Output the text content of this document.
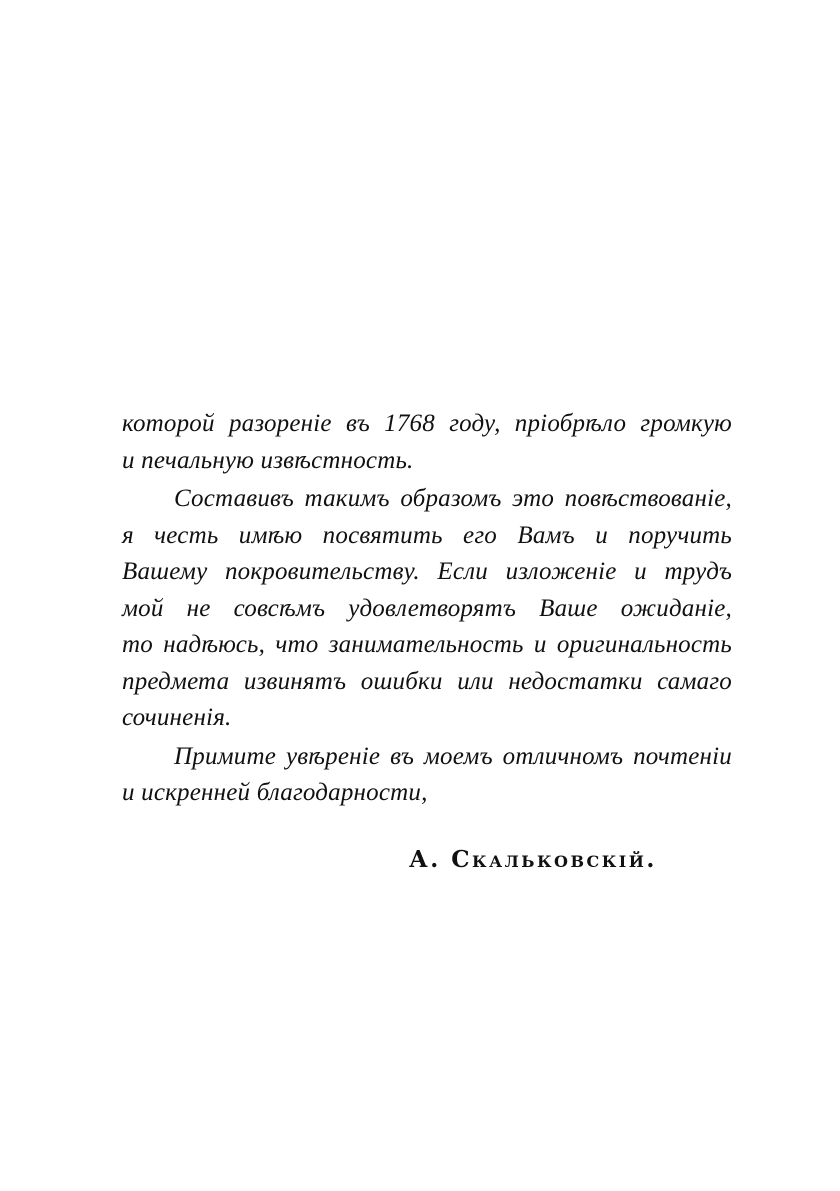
которой разоренiе въ 1768 году, прiобрѣло громкую
и печальную извѣстность.
Составивъ такимъ образомъ это повѣствованiе,
я честь имѣю посвятить его Вамъ и поручить
Вашему покровительству. Если изложенiе и трудъ
мой не совсѣмъ удовлетворятъ Ваше ожиданiе,
то надѣюсь, что занимательность и оригинальность
предмета извинятъ ошибки или недостатки самаго
сочиненiя.
Примите увѣренiе въ моемъ отличномъ почтенiи
и искренней благодарности,
А. Скальковскiй.
